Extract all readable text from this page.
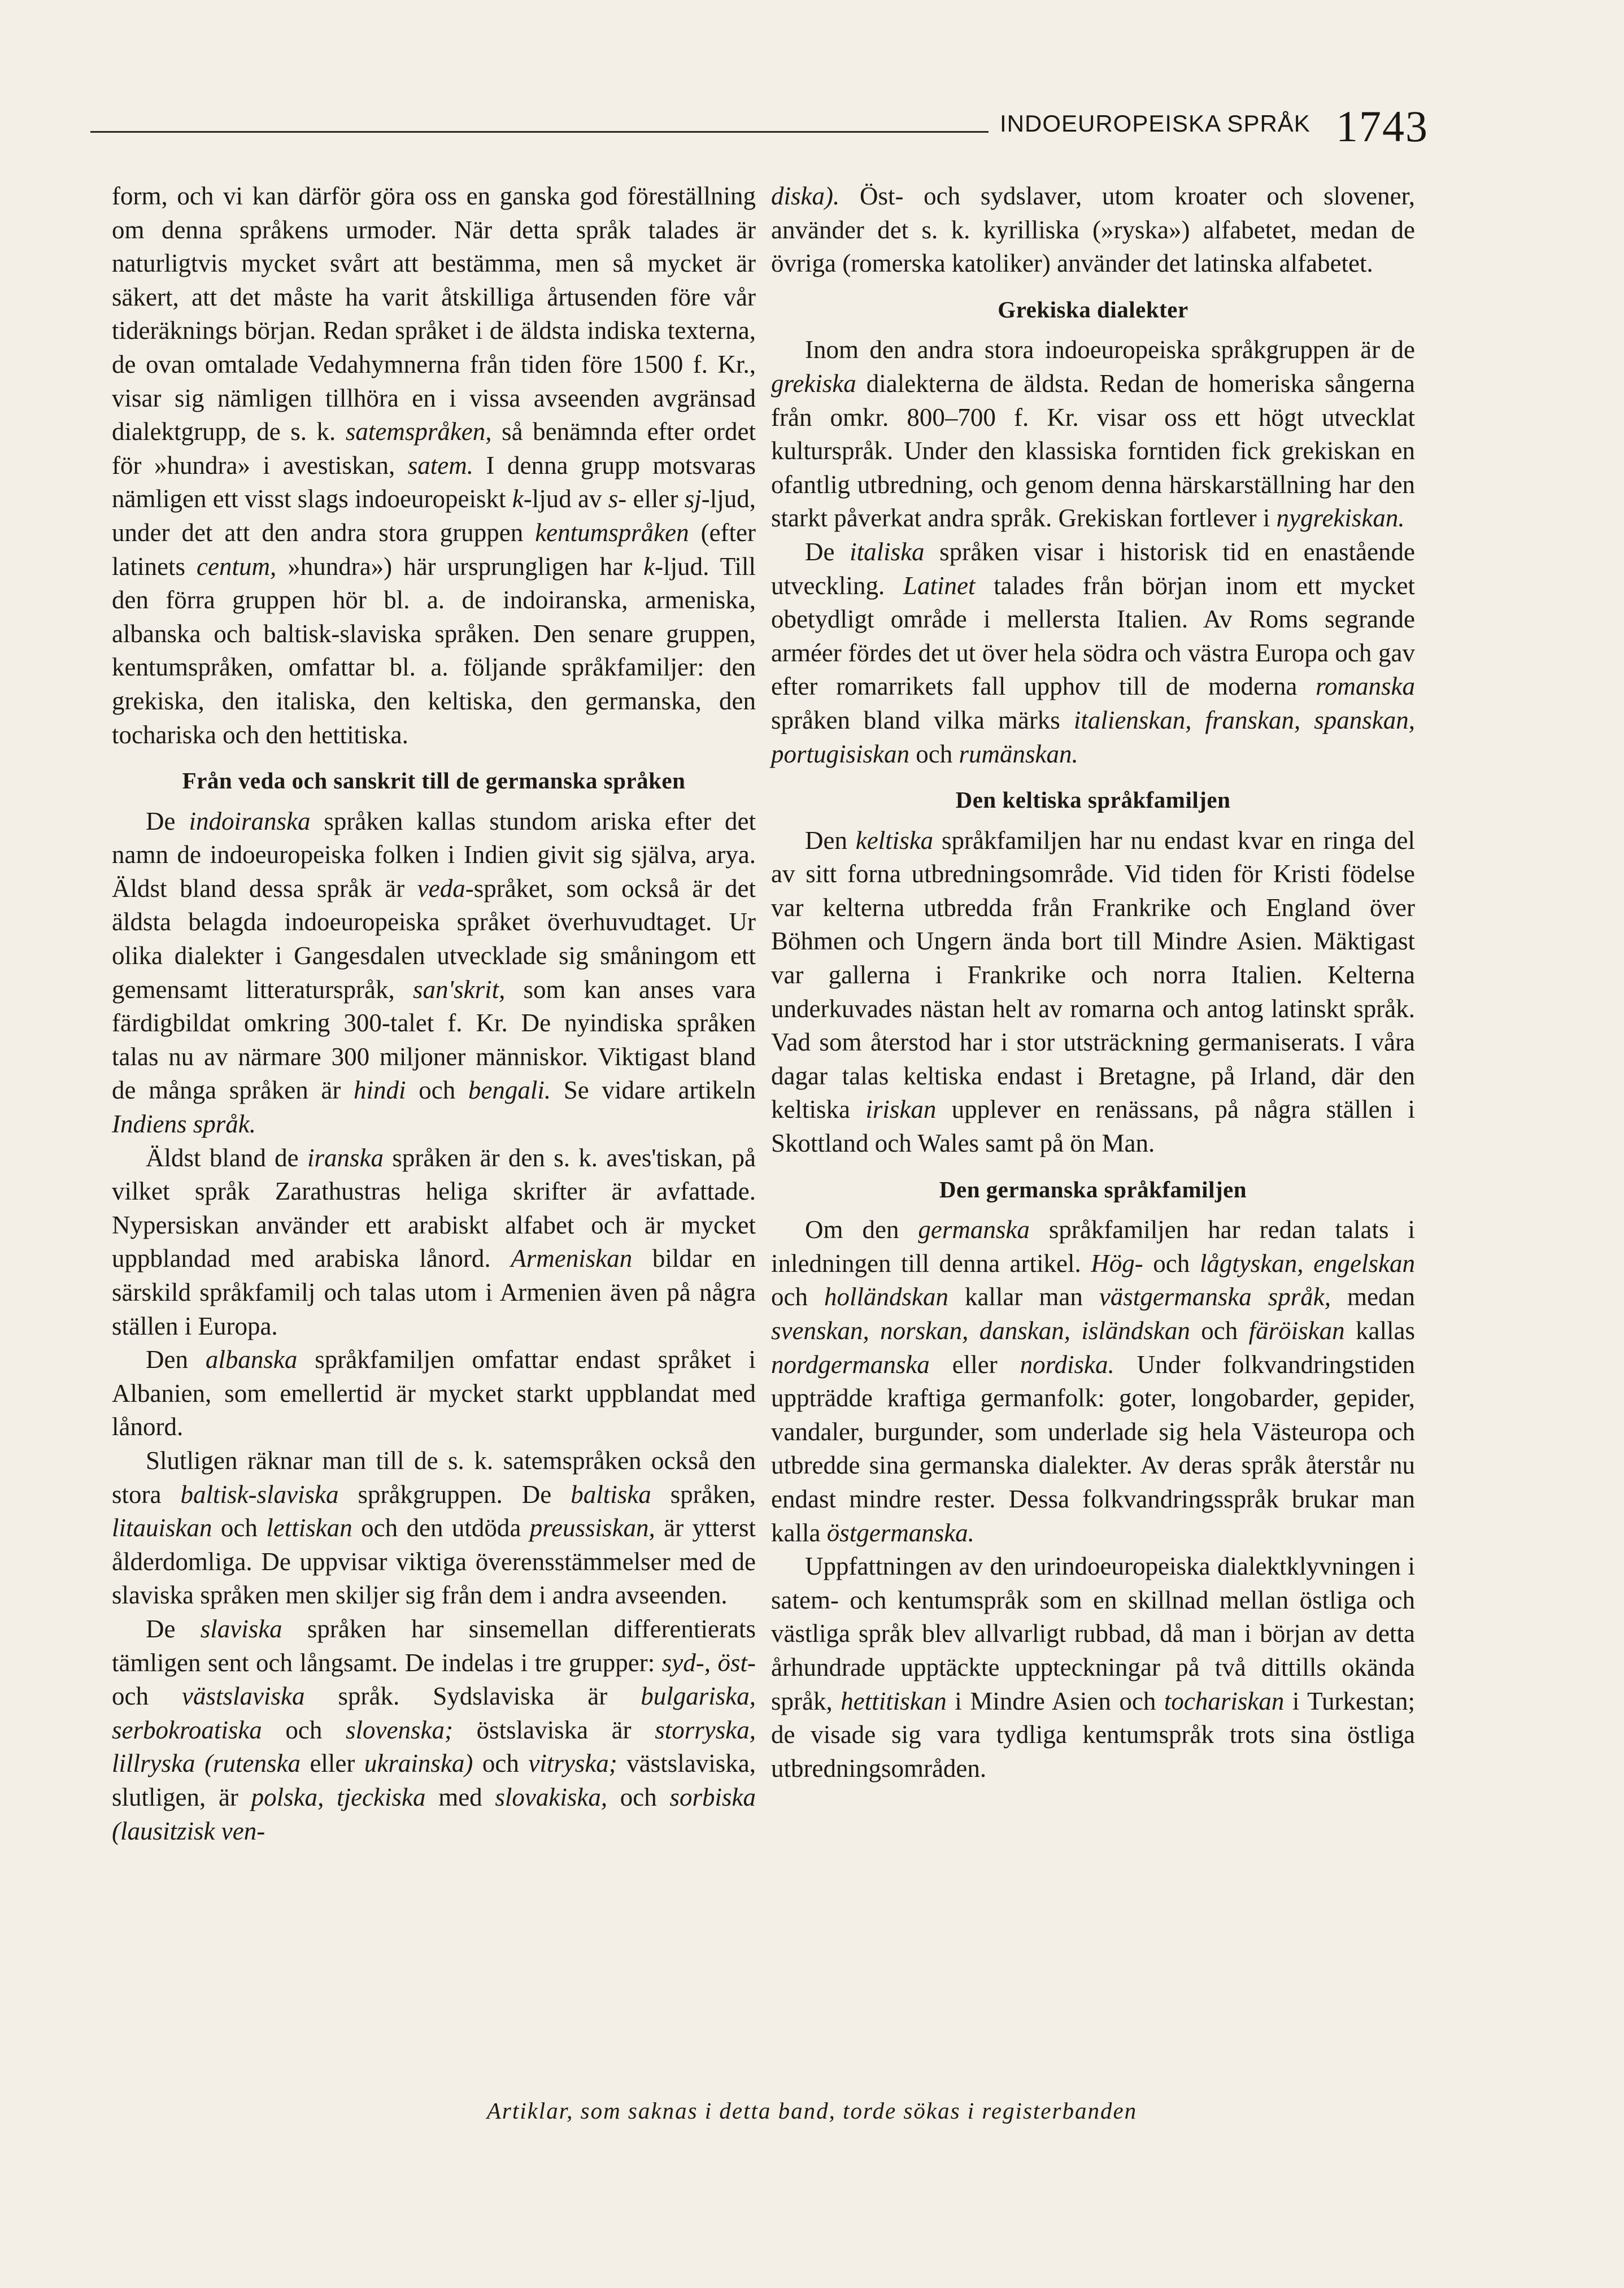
INDOEUROPEISKA SPRÅK 1743

form, och vi kan därför göra oss en ganska god föreställning om denna språkens urmoder. När detta språk talades är naturligtvis mycket svårt att bestämma, men så mycket är säkert, att det måste ha varit åtskilliga årtusenden före vår tideräknings början. Redan språket i de äldsta indiska texterna, de ovan omtalade Vedahymnerna från tiden före 1500 f. Kr., visar sig nämligen tillhöra en i vissa avseenden avgränsad dialektgrupp, de s. k. satemspråken, så benämnda efter ordet för »hundra» i avestiskan, satem. I denna grupp motsvaras nämligen ett visst slags indoeuropeiskt k-ljud av s- eller sj-ljud, under det att den andra stora gruppen kentumspråken (efter latinets centum, »hundra») här ursprungligen har k-ljud. Till den förra gruppen hör bl. a. de indoiranska, armeniska, albanska och baltisk-slaviska språken. Den senare gruppen, kentumspråken, omfattar bl. a. följande språkfamiljer: den grekiska, den italiska, den keltiska, den germanska, den tochariska och den hettitiska.

Från veda och sanskrit till de germanska språken

De indoiranska språken kallas stundom ariska efter det namn de indoeuropeiska folken i Indien givit sig själva, arya. Äldst bland dessa språk är veda-språket, som också är det äldsta belagda indoeuropeiska språket överhuvudtaget. Ur olika dialekter i Gangesdalen utvecklade sig småningom ett gemensamt litteraturspråk, san'skrit, som kan anses vara färdigbildat omkring 300-talet f. Kr. De nyindiska språken talas nu av närmare 300 miljoner människor. Viktigast bland de många språken är hindi och bengali. Se vidare artikeln Indiens språk.

Äldst bland de iranska språken är den s. k. aves'tiskan, på vilket språk Zarathustras heliga skrifter är avfattade. Nypersiskan använder ett arabiskt alfabet och är mycket uppblandad med arabiska lånord. Armeniskan bildar en särskild språkfamilj och talas utom i Armenien även på några ställen i Europa.

Den albanska språkfamiljen omfattar endast språket i Albanien, som emellertid är mycket starkt uppblandat med lånord.

Slutligen räknar man till de s. k. satemspråken också den stora baltisk-slaviska språkgruppen. De baltiska språken, litauiskan och lettiskan och den utdöda preussiskan, är ytterst ålderdomliga. De uppvisar viktiga överensstämmelser med de slaviska språken men skiljer sig från dem i andra avseenden.

De slaviska språken har sinsemellan differentierats tämligen sent och långsamt. De indelas i tre grupper: syd-, öst- och västslaviska språk. Sydslaviska är bulgariska, serbokroatiska och slovenska; östslaviska är storryska, lillryska (rutenska eller ukrainska) och vitryska; västslaviska, slutligen, är polska, tjeckiska med slovakiska, och sorbiska (lausitzisk ven-

diska). Öst- och sydslaver, utom kroater och slovener, använder det s. k. kyrilliska (»ryska») alfabetet, medan de övriga (romerska katoliker) använder det latinska alfabetet.

Grekiska dialekter

Inom den andra stora indoeuropeiska språkgruppen är de grekiska dialekterna de äldsta. Redan de homeriska sångerna från omkr. 800–700 f. Kr. visar oss ett högt utvecklat kulturspråk. Under den klassiska forntiden fick grekiskan en ofantlig utbredning, och genom denna härskarställning har den starkt påverkat andra språk. Grekiskan fortlever i nygrekiskan.

De italiska språken visar i historisk tid en enastående utveckling. Latinet talades från början inom ett mycket obetydligt område i mellersta Italien. Av Roms segrande arméer fördes det ut över hela södra och västra Europa och gav efter romarrikets fall upphov till de moderna romanska språken bland vilka märks italienskan, franskan, spanskan, portugisiskan och rumänskan.

Den keltiska språkfamiljen

Den keltiska språkfamiljen har nu endast kvar en ringa del av sitt forna utbredningsområde. Vid tiden för Kristi födelse var kelterna utbredda från Frankrike och England över Böhmen och Ungern ända bort till Mindre Asien. Mäktigast var gallerna i Frankrike och norra Italien. Kelterna underkuvades nästan helt av romarna och antog latinskt språk. Vad som återstod har i stor utsträckning germaniserats. I våra dagar talas keltiska endast i Bretagne, på Irland, där den keltiska iriskan upplever en renässans, på några ställen i Skottland och Wales samt på ön Man.

Den germanska språkfamiljen

Om den germanska språkfamiljen har redan talats i inledningen till denna artikel. Hög- och lågtyskan, engelskan och holländskan kallar man västgermanska språk, medan svenskan, norskan, danskan, isländskan och färöiskan kallas nordgermanska eller nordiska. Under folkvandringstiden uppträdde kraftiga germanfolk: goter, longobarder, gepider, vandaler, burgunder, som underlade sig hela Västeuropa och utbredde sina germanska dialekter. Av deras språk återstår nu endast mindre rester. Dessa folkvandringsspråk brukar man kalla östgermanska.

Uppfattningen av den urindoeuropeiska dialektklyvningen i satem- och kentumspråk som en skillnad mellan östliga och västliga språk blev allvarligt rubbad, då man i början av detta århundrade upptäckte uppteckningar på två dittills okända språk, hettitiskan i Mindre Asien och tochariskan i Turkestan; de visade sig vara tydliga kentumspråk trots sina östliga utbredningsområden.

Artiklar, som saknas i detta band, torde sökas i registerbanden
